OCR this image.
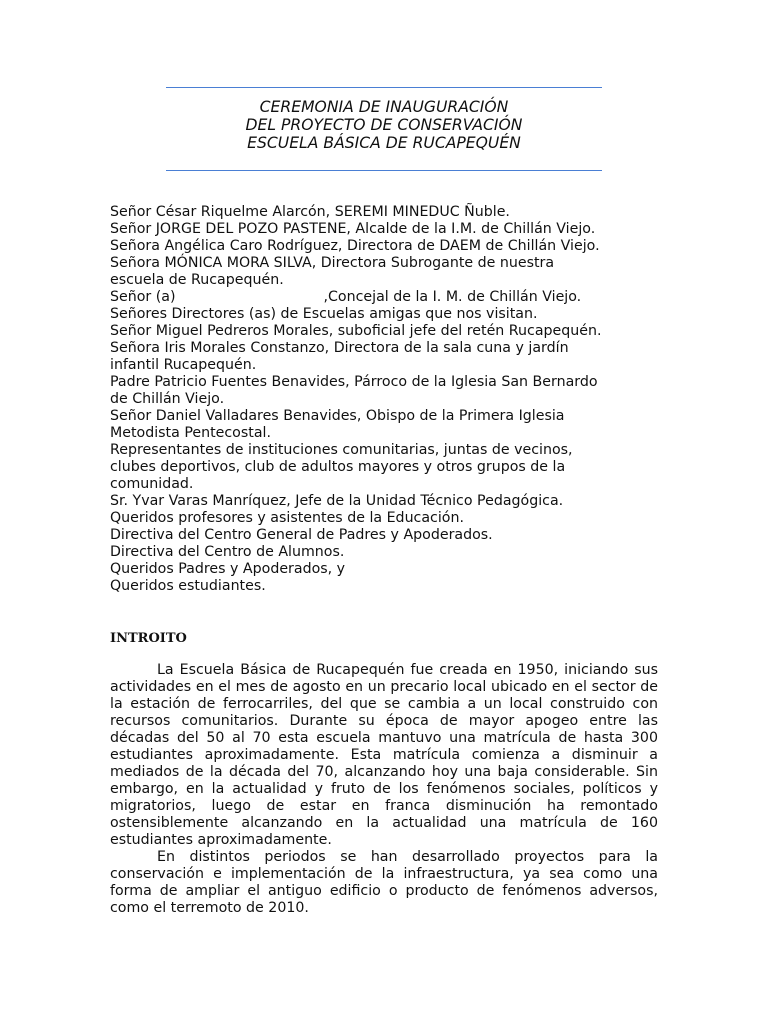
CEREMONIA DE INAUGURACIÓN
DEL PROYECTO DE CONSERVACIÓN
ESCUELA BÁSICA DE RUCAPEQUÉN
Señor César Riquelme Alarcón, SEREMI MINEDUC Ñuble.
Señor JORGE DEL POZO PASTENE, Alcalde de la I.M. de Chillán Viejo.
Señora Angélica Caro Rodríguez, Directora de DAEM de Chillán Viejo.
Señora MÓNICA MORA SILVA, Directora Subrogante de nuestra
escuela de Rucapequén.
Señor (a)	,Concejal de la I. M. de Chillán Viejo.
Señores Directores (as) de Escuelas amigas que nos visitan.
Señor Miguel Pedreros Morales, suboficial jefe del retén Rucapequén.
Señora Iris Morales Constanzo, Directora de la sala cuna y jardín
infantil Rucapequén.
Padre Patricio Fuentes Benavides, Párroco de la Iglesia San Bernardo
de Chillán Viejo.
Señor Daniel Valladares Benavides, Obispo de la Primera Iglesia
Metodista Pentecostal.
Representantes de instituciones comunitarias, juntas de vecinos,
clubes deportivos, club de adultos mayores y otros grupos de la
comunidad.
Sr. Yvar Varas Manríquez, Jefe de la Unidad Técnico Pedagógica.
Queridos profesores y asistentes de la Educación.
Directiva del Centro General de Padres y Apoderados.
Directiva del Centro de Alumnos.
Queridos Padres y Apoderados, y
Queridos estudiantes.
INTROITO

La Escuela Básica de Rucapequén fue creada en 1950, iniciando sus actividades en el mes de agosto en un precario local ubicado en el sector de la estación de ferrocarriles, del que se cambia a un local construido con recursos comunitarios. Durante su época de mayor apogeo entre las décadas del 50 al 70 esta escuela mantuvo una matrícula de hasta 300 estudiantes aproximadamente. Esta matrícula comienza a disminuir a mediados de la década del 70, alcanzando hoy una baja considerable. Sin embargo, en la actualidad y fruto de los fenómenos sociales, políticos y migratorios, luego de estar en franca disminución ha remontado ostensiblemente alcanzando en la actualidad una matrícula de 160 estudiantes aproximadamente.

En distintos periodos se han desarrollado proyectos para la conservación e implementación de la infraestructura, ya sea como una forma de ampliar el antiguo edificio o producto de fenómenos adversos, como el terremoto de 2010.
